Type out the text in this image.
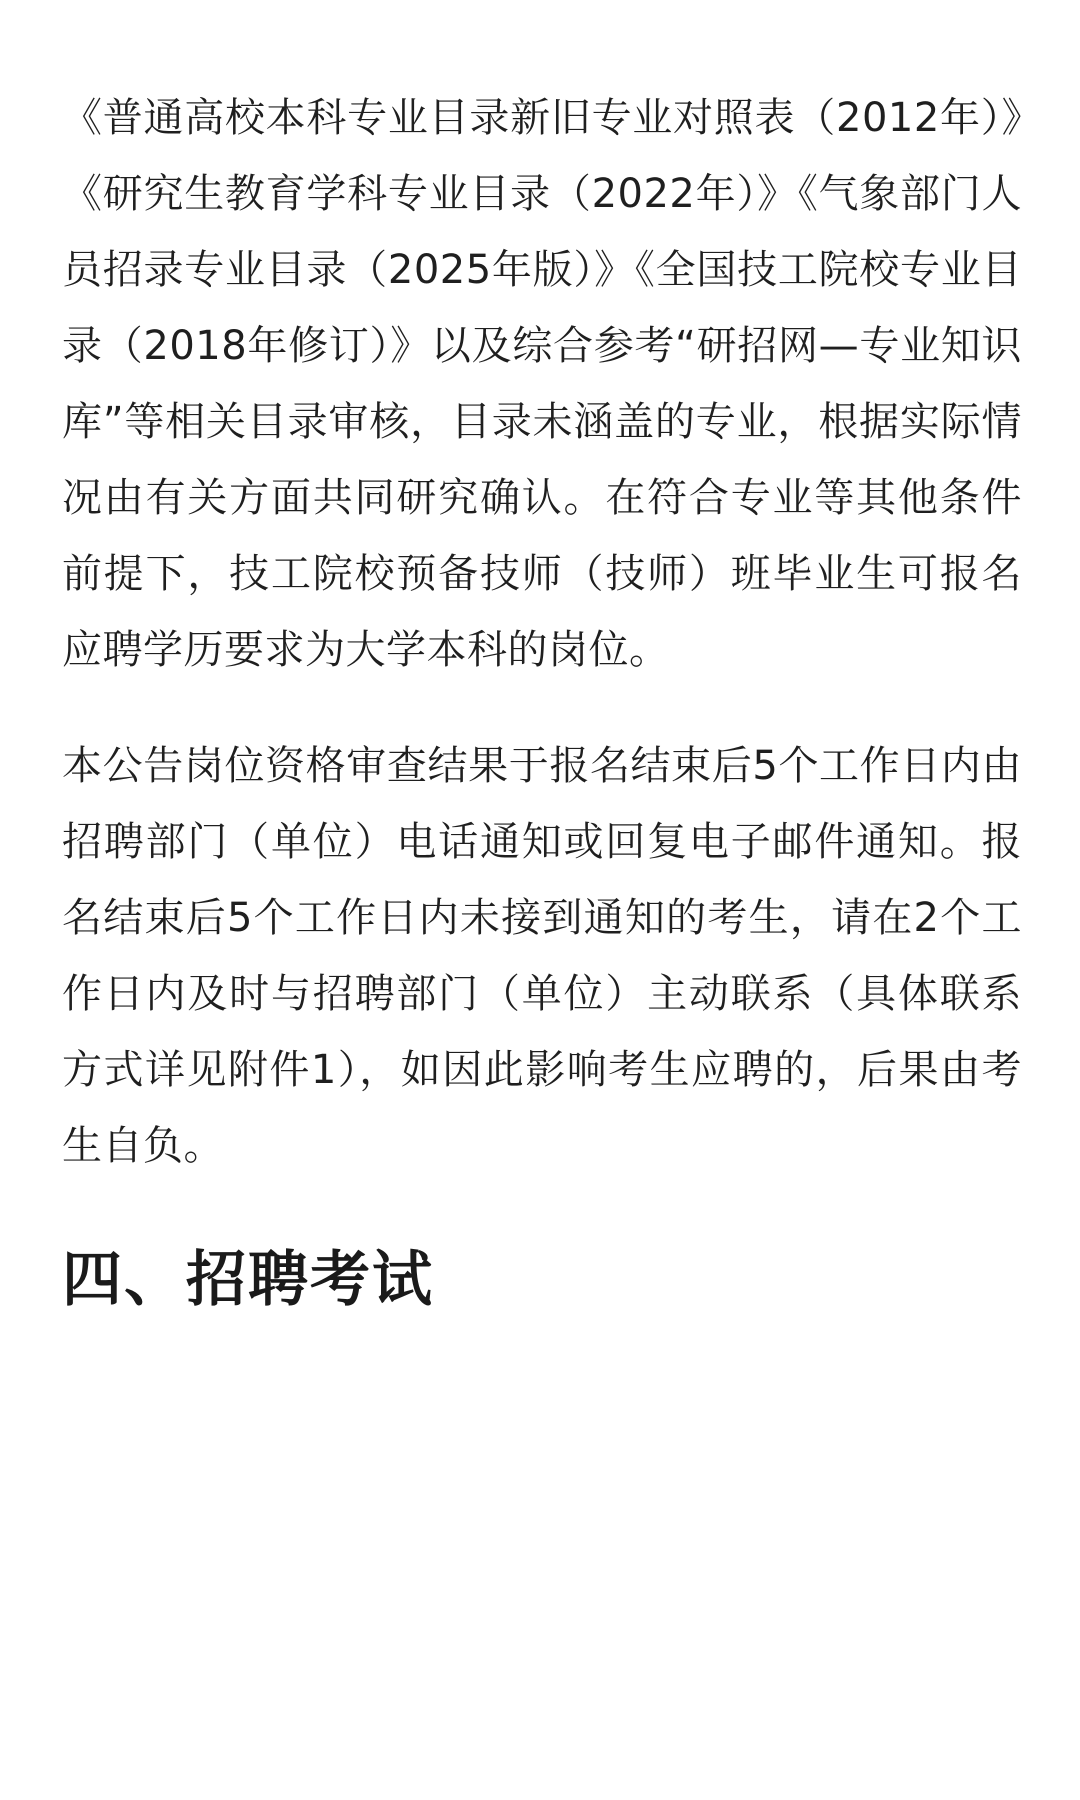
《普通高校本科专业目录新旧专业对照表（2012年）》《研究生教育学科专业目录（2022年）》《气象部门人员招录专业目录（2025年版）》《全国技工院校专业目录（2018年修订）》以及综合参考“研招网—专业知识库”等相关目录审核，目录未涵盖的专业，根据实际情况由有关方面共同研究确认。在符合专业等其他条件前提下，技工院校预备技师（技师）班毕业生可报名应聘学历要求为大学本科的岗位。

本公告岗位资格审查结果于报名结束后5个工作日内由招聘部门（单位）电话通知或回复电子邮件通知。报名结束后5个工作日内未接到通知的考生，请在2个工作日内及时与招聘部门（单位）主动联系（具体联系方式详见附件1），如因此影响考生应聘的，后果由考生自负。

四、招聘考试
